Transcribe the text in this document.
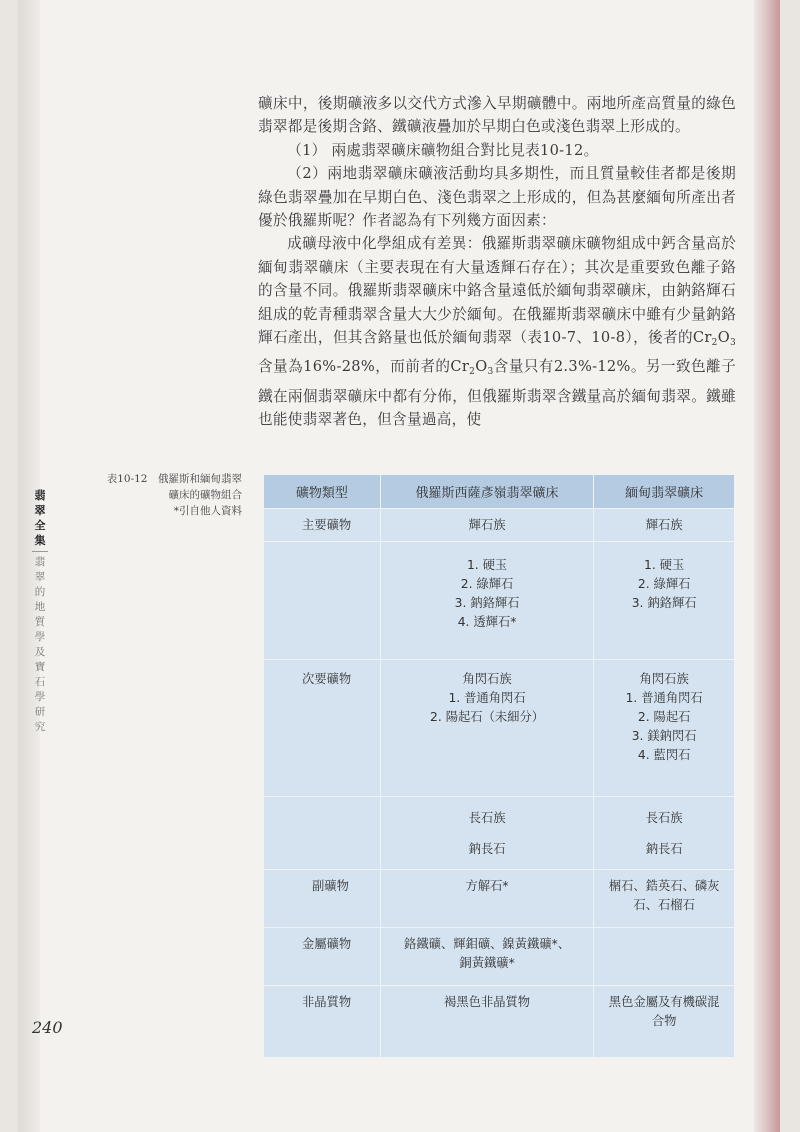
礦床中，後期礦液多以交代方式滲入早期礦體中。兩地所產高質量的綠色翡翠都是後期含鉻、鐵礦液疊加於早期白色或淺色翡翠上形成的。

（1） 兩處翡翠礦床礦物組合對比見表10-12。

（2）兩地翡翠礦床礦液活動均具多期性，而且質量較佳者都是後期綠色翡翠疊加在早期白色、淺色翡翠之上形成的，但為甚麼緬甸所產出者優於俄羅斯呢？作者認為有下列幾方面因素：

成礦母液中化學組成有差異：俄羅斯翡翠礦床礦物組成中鈣含量高於緬甸翡翠礦床（主要表現在有大量透輝石存在）；其次是重要致色離子鉻的含量不同。俄羅斯翡翠礦床中鉻含量遠低於緬甸翡翠礦床，由鈉鉻輝石組成的乾青種翡翠含量大大少於緬甸。在俄羅斯翡翠礦床中雖有少量鈉鉻輝石產出，但其含鉻量也低於緬甸翡翠（表10-7、10-8），後者的$Cr_2O_3$含量為16%-28%，而前者的$Cr_2O_3$含量只有2.3%-12%。另一致色離子鐵在兩個翡翠礦床中都有分佈，但俄羅斯翡翠含鐵量高於緬甸翡翠。鐵雖也能使翡翠著色，但含量過高，使

表10-12　俄羅斯和緬甸翡翠
礦床的礦物組合
*引自他人資料
翡
翠
全
集
翡
翠
的
地
質
學
及
寶
石
學
研
究
礦物類型	俄羅斯西薩彥嶺翡翠礦床	緬甸翡翠礦床
主要礦物	輝石族	輝石族

	1. 硬玉
2. 綠輝石
3. 鈉鉻輝石
4. 透輝石*	1. 硬玉
2. 綠輝石
3. 鈉鉻輝石

次要礦物	角閃石族
1. 普通角閃石
2. 陽起石（未細分）	角閃石族
1. 普通角閃石
2. 陽起石
3. 鎂鈉閃石
4. 藍閃石

	長石族
鈉長石	長石族
鈉長石

副礦物	方解石*	榍石、鋯英石、磷灰石、石榴石
金屬礦物	鉻鐵礦、輝鉬礦、鎳黃鐵礦*、銅黃鐵礦*	
非晶質物	褐黑色非晶質物	黑色金屬及有機碳混合物
240
